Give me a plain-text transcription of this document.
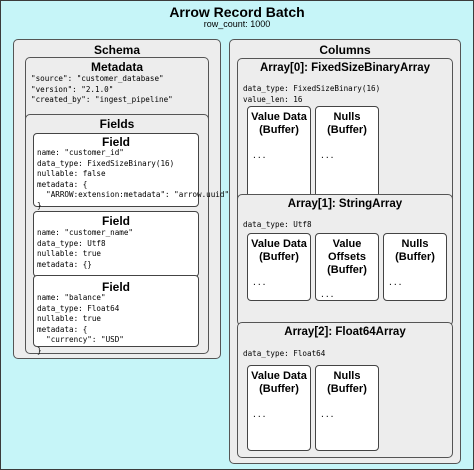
Arrow Record Batch
row_count: 1000
Schema
Metadata
"source": "customer_database"
"version": "2.1.0"
"created_by": "ingest_pipeline"
Fields
Field
name: "customer_id"
data_type: FixedSizeBinary(16)
nullable: false
metadata: {
"ARROW:extension:metadata": "arrow.uuid"
}
Field
name: "customer_name"
data_type: Utf8
nullable: true
metadata: {}
Field
name: "balance"
data_type: Float64
nullable: true
metadata: {
"currency": "USD"
}
Columns
Array[0]: FixedSizeBinaryArray
data_type: FixedSizeBinary(16)
value_len: 16
Value Data (Buffer)
...
Nulls (Buffer)
...
Array[1]: StringArray
data_type: Utf8
Value Data (Buffer)
...
Value Offsets (Buffer)
...
Nulls (Buffer)
...
Array[2]: Float64Array
data_type: Float64
Value Data (Buffer)
...
Nulls (Buffer)
...
